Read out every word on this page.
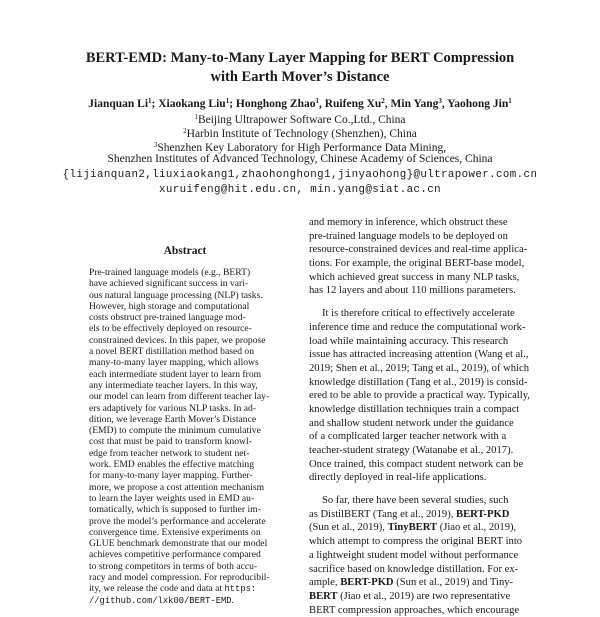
BERT-EMD: Many-to-Many Layer Mapping for BERT Compression
with Earth Mover’s Distance
Jianquan Li$^1$; Xiaokang Liu$^1$; Honghong Zhao$^1$, Ruifeng Xu$^2$, Min Yang$^3$, Yaohong Jin$^1$
$^1$Beijing Ultrapower Software Co.,Ltd., China
$^2$Harbin Institute of Technology (Shenzhen), China
$^3$Shenzhen Key Laboratory for High Performance Data Mining,
Shenzhen Institutes of Advanced Technology, Chinese Academy of Sciences, China
{lijianquan2,liuxiaokang1,zhaohonghong1,jinyaohong}@ultrapower.com.cn
xuruifeng@hit.edu.cn, min.yang@siat.ac.cn
Abstract
Pre-trained language models (e.g., BERT)
have achieved significant success in vari-
ous natural language processing (NLP) tasks.
However, high storage and computational
costs obstruct pre-trained language mod-
els to be effectively deployed on resource-
constrained devices. In this paper, we propose
a novel BERT distillation method based on
many-to-many layer mapping, which allows
each intermediate student layer to learn from
any intermediate teacher layers. In this way,
our model can learn from different teacher lay-
ers adaptively for various NLP tasks. In ad-
dition, we leverage Earth Mover’s Distance
(EMD) to compute the minimum cumulative
cost that must be paid to transform knowl-
edge from teacher network to student net-
work. EMD enables the effective matching
for many-to-many layer mapping. Further-
more, we propose a cost attention mechanism
to learn the layer weights used in EMD au-
tomatically, which is supposed to further im-
prove the model’s performance and accelerate
convergence time. Extensive experiments on
GLUE benchmark demonstrate that our model
achieves competitive performance compared
to strong competitors in terms of both accu-
racy and model compression. For reproducibil-
ity, we release the code and data at https:
//github.com/lxk00/BERT-EMD.
and memory in inference, which obstruct these
pre-trained language models to be deployed on
resource-constrained devices and real-time applica-
tions. For example, the original BERT-base model,
which achieved great success in many NLP tasks,
has 12 layers and about 110 millions parameters.
It is therefore critical to effectively accelerate
inference time and reduce the computational work-
load while maintaining accuracy. This research
issue has attracted increasing attention (Wang et al.,
2019; Shen et al., 2019; Tang et al., 2019), of which
knowledge distillation (Tang et al., 2019) is consid-
ered to be able to provide a practical way. Typically,
knowledge distillation techniques train a compact
and shallow student network under the guidance
of a complicated larger teacher network with a
teacher-student strategy (Watanabe et al., 2017).
Once trained, this compact student network can be
directly deployed in real-life applications.
So far, there have been several studies, such
as DistilBERT (Tang et al., 2019), BERT-PKD
(Sun et al., 2019), TinyBERT (Jiao et al., 2019),
which attempt to compress the original BERT into
a lightweight student model without performance
sacrifice based on knowledge distillation. For ex-
ample, BERT-PKD (Sun et al., 2019) and Tiny-
BERT (Jiao et al., 2019) are two representative
BERT compression approaches, which encourage
